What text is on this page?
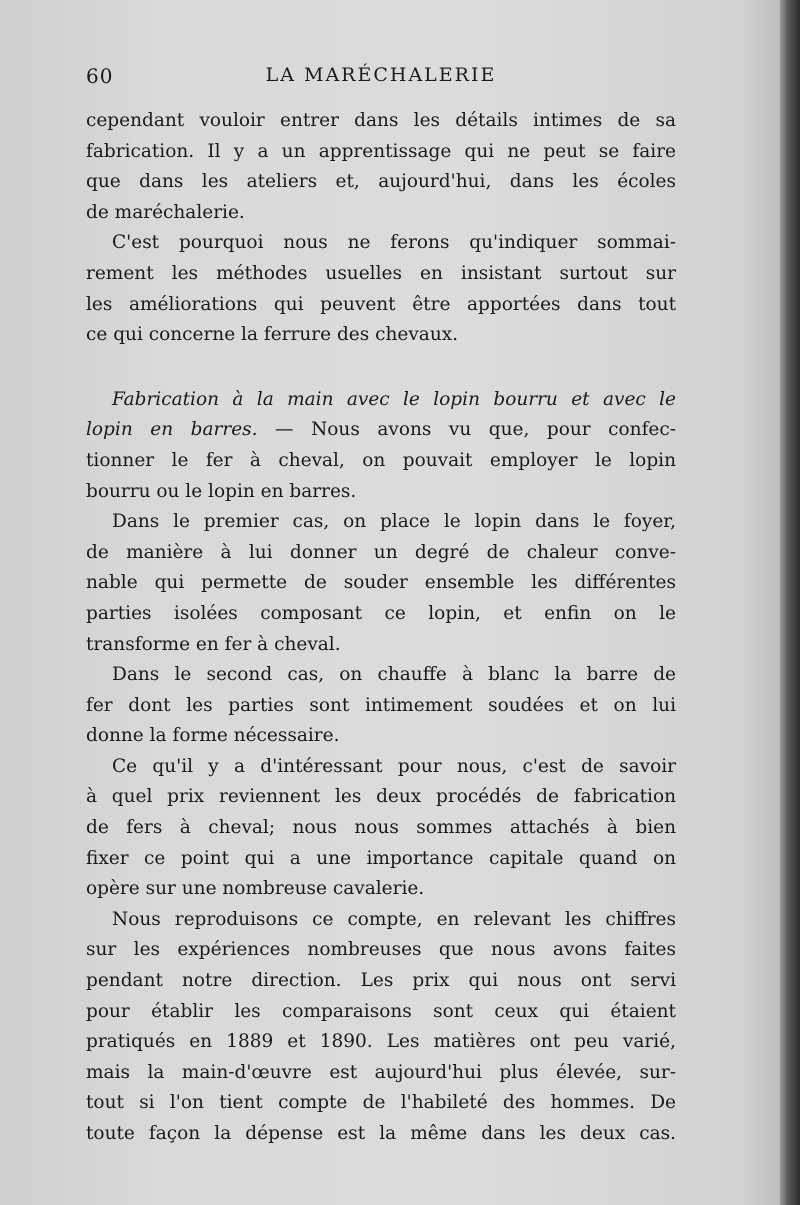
60	LA MARÉCHALERIE
cependant vouloir entrer dans les détails intimes de sa
fabrication. Il y a un apprentissage qui ne peut se faire
que dans les ateliers et, aujourd'hui, dans les écoles
de maréchalerie.
C'est pourquoi nous ne ferons qu'indiquer sommai-
rement les méthodes usuelles en insistant surtout sur
les améliorations qui peuvent être apportées dans tout
ce qui concerne la ferrure des chevaux.
Fabrication à la main avec le lopin bourru et avec le
lopin en barres. — Nous avons vu que, pour confec-
tionner le fer à cheval, on pouvait employer le lopin
bourru ou le lopin en barres.
Dans le premier cas, on place le lopin dans le foyer,
de manière à lui donner un degré de chaleur conve-
nable qui permette de souder ensemble les différentes
parties isolées composant ce lopin, et enfin on le
transforme en fer à cheval.
Dans le second cas, on chauffe à blanc la barre de
fer dont les parties sont intimement soudées et on lui
donne la forme nécessaire.
Ce qu'il y a d'intéressant pour nous, c'est de savoir
à quel prix reviennent les deux procédés de fabrication
de fers à cheval; nous nous sommes attachés à bien
fixer ce point qui a une importance capitale quand on
opère sur une nombreuse cavalerie.
Nous reproduisons ce compte, en relevant les chiffres
sur les expériences nombreuses que nous avons faites
pendant notre direction. Les prix qui nous ont servi
pour établir les comparaisons sont ceux qui étaient
pratiqués en 1889 et 1890. Les matières ont peu varié,
mais la main-d'œuvre est aujourd'hui plus élevée, sur-
tout si l'on tient compte de l'habileté des hommes. De
toute façon la dépense est la même dans les deux cas.
